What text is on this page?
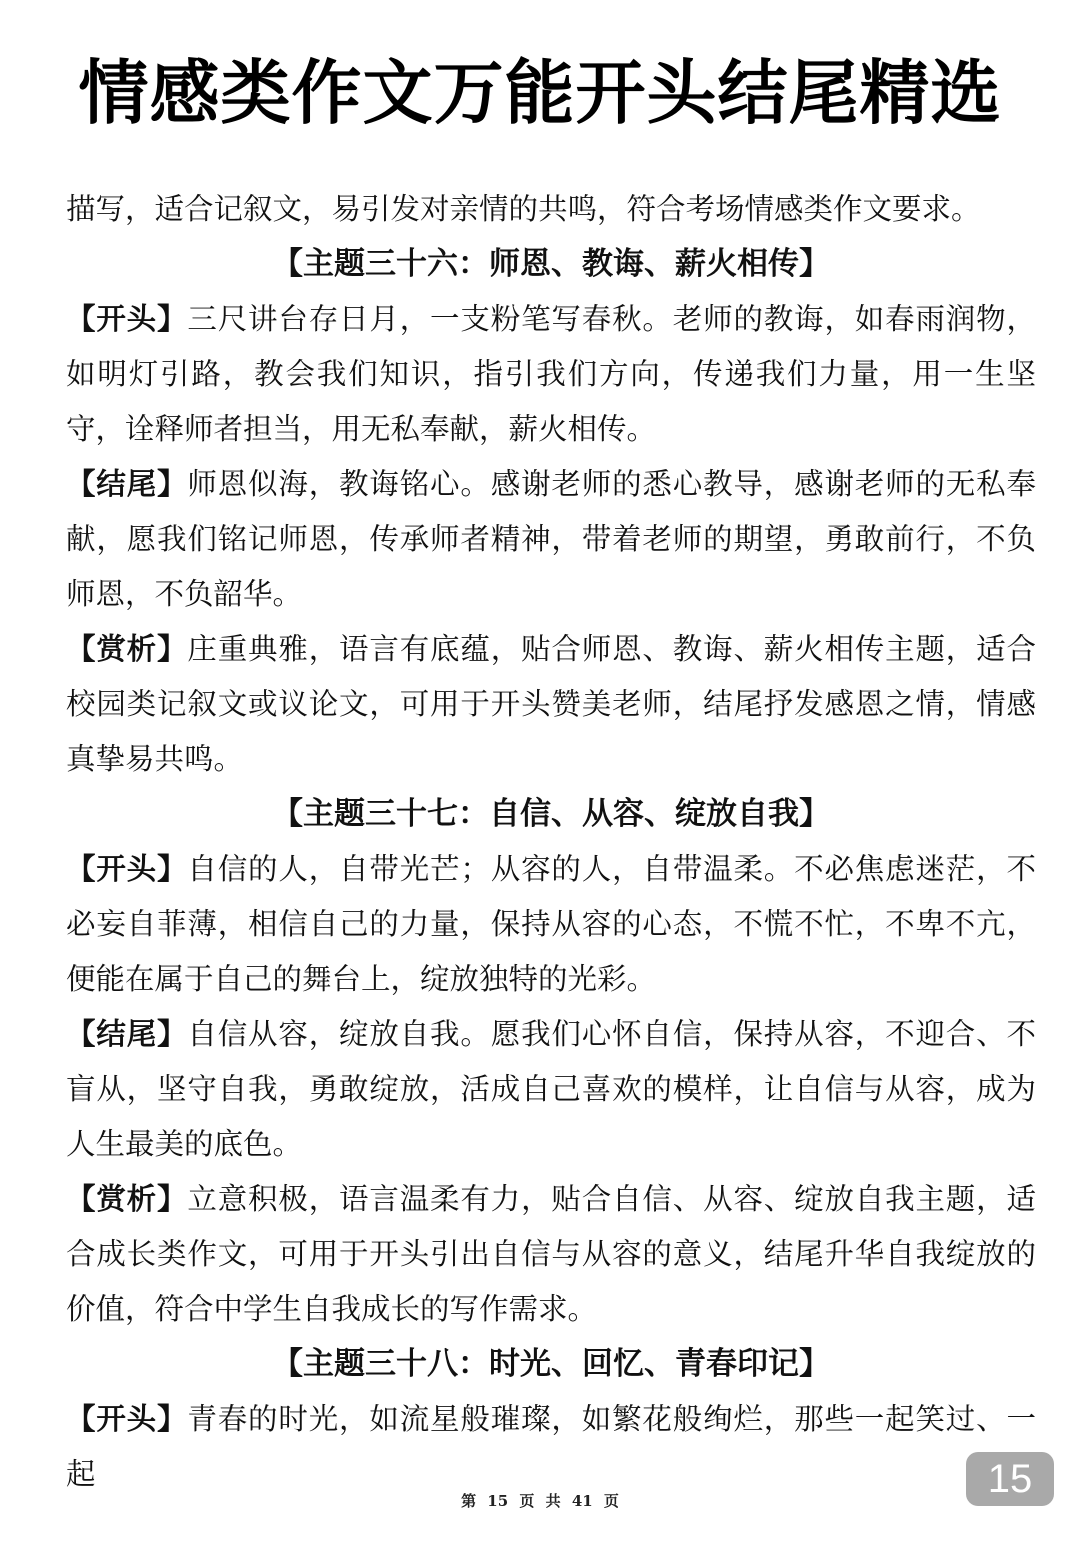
情感类作文万能开头结尾精选

描写，适合记叙文，易引发对亲情的共鸣，符合考场情感类作文要求。

【主题三十六：师恩、教诲、薪火相传】

【开头】三尺讲台存日月，一支粉笔写春秋。老师的教诲，如春雨润物，如明灯引路，教会我们知识，指引我们方向，传递我们力量，用一生坚守，诠释师者担当，用无私奉献，薪火相传。

【结尾】师恩似海，教诲铭心。感谢老师的悉心教导，感谢老师的无私奉献，愿我们铭记师恩，传承师者精神，带着老师的期望，勇敢前行，不负师恩，不负韶华。

【赏析】庄重典雅，语言有底蕴，贴合师恩、教诲、薪火相传主题，适合校园类记叙文或议论文，可用于开头赞美老师，结尾抒发感恩之情，情感真挚易共鸣。

【主题三十七：自信、从容、绽放自我】

【开头】自信的人，自带光芒；从容的人，自带温柔。不必焦虑迷茫，不必妄自菲薄，相信自己的力量，保持从容的心态，不慌不忙，不卑不亢，便能在属于自己的舞台上，绽放独特的光彩。

【结尾】自信从容，绽放自我。愿我们心怀自信，保持从容，不迎合、不盲从，坚守自我，勇敢绽放，活成自己喜欢的模样，让自信与从容，成为人生最美的底色。

【赏析】立意积极，语言温柔有力，贴合自信、从容、绽放自我主题，适合成长类作文，可用于开头引出自信与从容的意义，结尾升华自我绽放的价值，符合中学生自我成长的写作需求。

【主题三十八：时光、回忆、青春印记】

【开头】青春的时光，如流星般璀璨，如繁花般绚烂，那些一起笑过、一起	15
第 15 页 共 41 页
